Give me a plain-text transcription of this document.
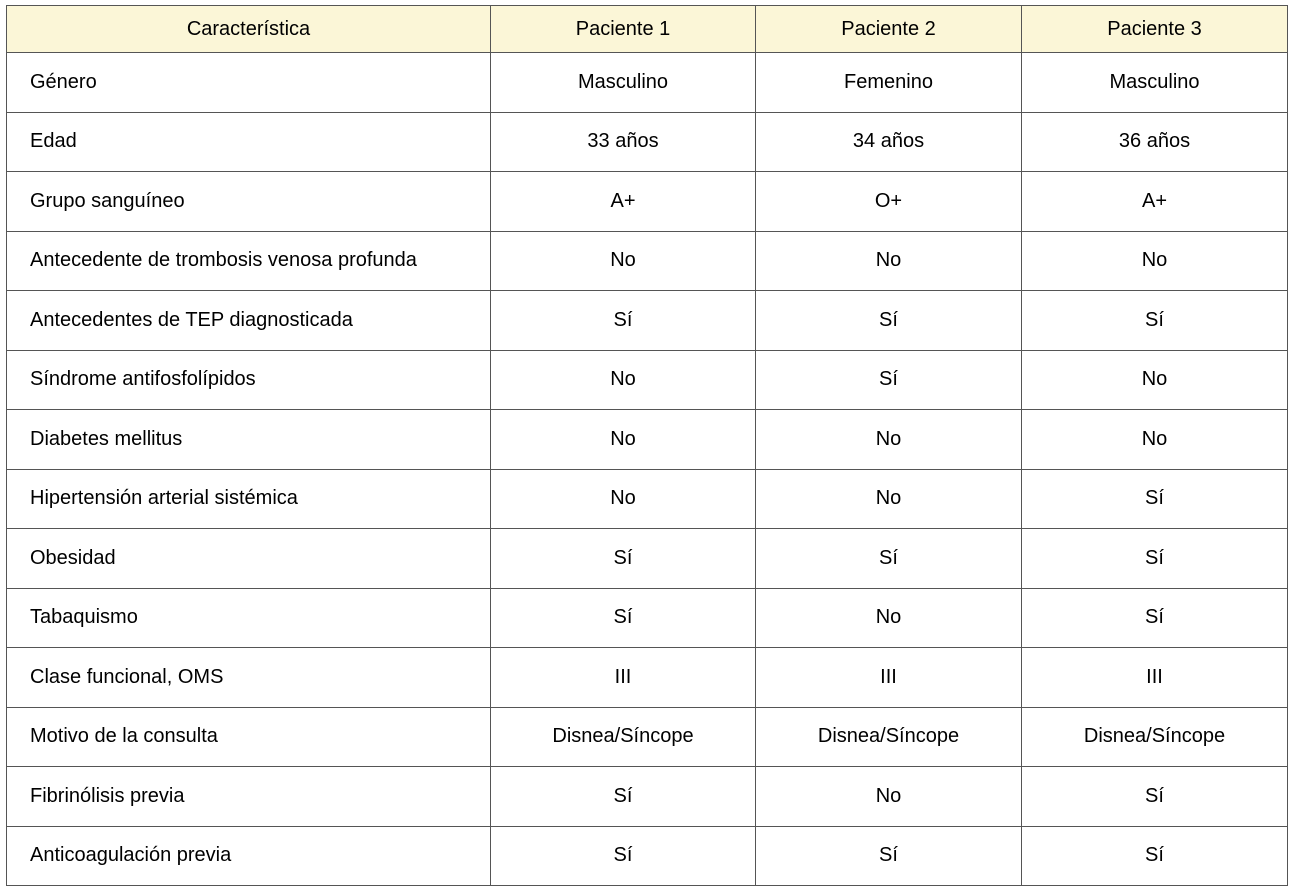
Característica	Paciente 1	Paciente 2	Paciente 3
Género	Masculino	Femenino	Masculino
Edad	33 años	34 años	36 años
Grupo sanguíneo	A+	O+	A+
Antecedente de trombosis venosa profunda	No	No	No
Antecedentes de TEP diagnosticada	Sí	Sí	Sí
Síndrome antifosfolípidos	No	Sí	No
Diabetes mellitus	No	No	No
Hipertensión arterial sistémica	No	No	Sí
Obesidad	Sí	Sí	Sí
Tabaquismo	Sí	No	Sí
Clase funcional, OMS	III	III	III
Motivo de la consulta	Disnea/Síncope	Disnea/Síncope	Disnea/Síncope
Fibrinólisis previa	Sí	No	Sí
Anticoagulación previa	Sí	Sí	Sí
